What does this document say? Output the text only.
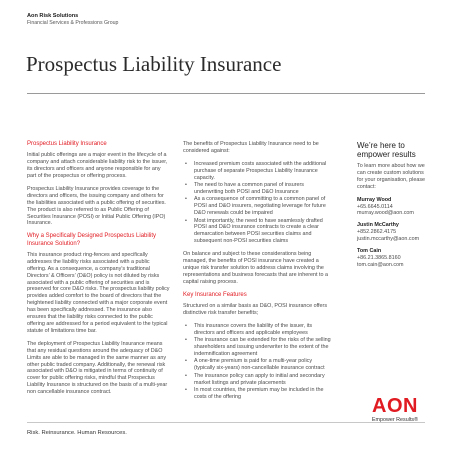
Aon Risk Solutions
Financial Services & Professions Group
Prospectus Liability Insurance
Prospectus Liability Insurance

Initial public offerings are a major event in the lifecycle of a company and attach considerable liability risk to the issuer, its directors and officers and anyone responsible for any part of the prospectus or offering process.

Prospectus Liability Insurance provides coverage to the directors and officers, the issuing company and others for the liabilities associated with a public offering of securities. The product is also referred to as Public Offering of Securities Insurance (POSI) or Initial Public Offering (IPO) Insurance.

Why a Specifically Designed Prospectus Liability Insurance Solution?

This insurance product ring-fences and specifically addresses the liability risks associated with a public offering. As a consequence, a company’s traditional Directors’ & Officers’ (D&O) policy is not diluted by risks associated with a public offering of securities and is preserved for core D&O risks. The prospectus liability policy provides added comfort to the board of directors that the heightened liability connected with a major corporate event has been specifically addressed. The insurance also ensures that the liability risks connected to the public offering are addressed for a period equivalent to the typical statute of limitations time bar.

The deployment of Prospectus Liability Insurance means that any residual questions around the adequacy of D&O Limits are able to be managed in the same manner as any other public traded company. Additionally, the renewal risk associated with D&O is mitigated in terms of continuity of cover for public offering risks, mindful that Prospectus Liability Insurance is structured on the basis of a multi-year non cancellable insurance contract.

The benefits of Prospectus Liability Insurance need to be considered against:

• Increased premium costs associated with the additional purchase of separate Prospectus Liability Insurance capacity.
• The need to have a common panel of insurers underwriting both POSI and D&O Insurance
• As a consequence of committing to a common panel of POSI and D&O insurers, negotiating leverage for future D&O renewals could be impaired
• Most importantly, the need to have seamlessly drafted POSI and D&O insurance contracts to create a clear demarcation between POSI securities claims and subsequent non-POSI securities claims

On balance and subject to these considerations being managed, the benefits of POSI insurance have created a unique risk transfer solution to address claims involving the representations and business forecasts that are inherent to a capital raising process.

Key Insurance Features

Structured on a similar basis as D&O, POSI insurance offers distinctive risk transfer benefits;

• This insurance covers the liability of the issuer, its directors and officers and applicable employees
• The insurance can be extended for the risks of the selling shareholders and issuing underwriter to the extent of the indemnification agreement
• A one-time premium is paid for a multi-year policy (typically six-years) non-cancellable insurance contract
• The insurance policy can apply to initial and secondary market listings and private placements
• In most countries, the premium may be included in the costs of the offering
We’re here to empower results
To learn more about how we can create custom solutions for your organisation, please contact:
Murray Wood
+65.6645.0114
murray.wood@aon.com
Justin McCarthy
+852.2862.4175
justin.mccarthy@aon.com
Tom Cain
+86.21.3865.8160
tom.cain@aon.com
Risk. Reinsurance. Human Resources.
AON
Empower Results®
